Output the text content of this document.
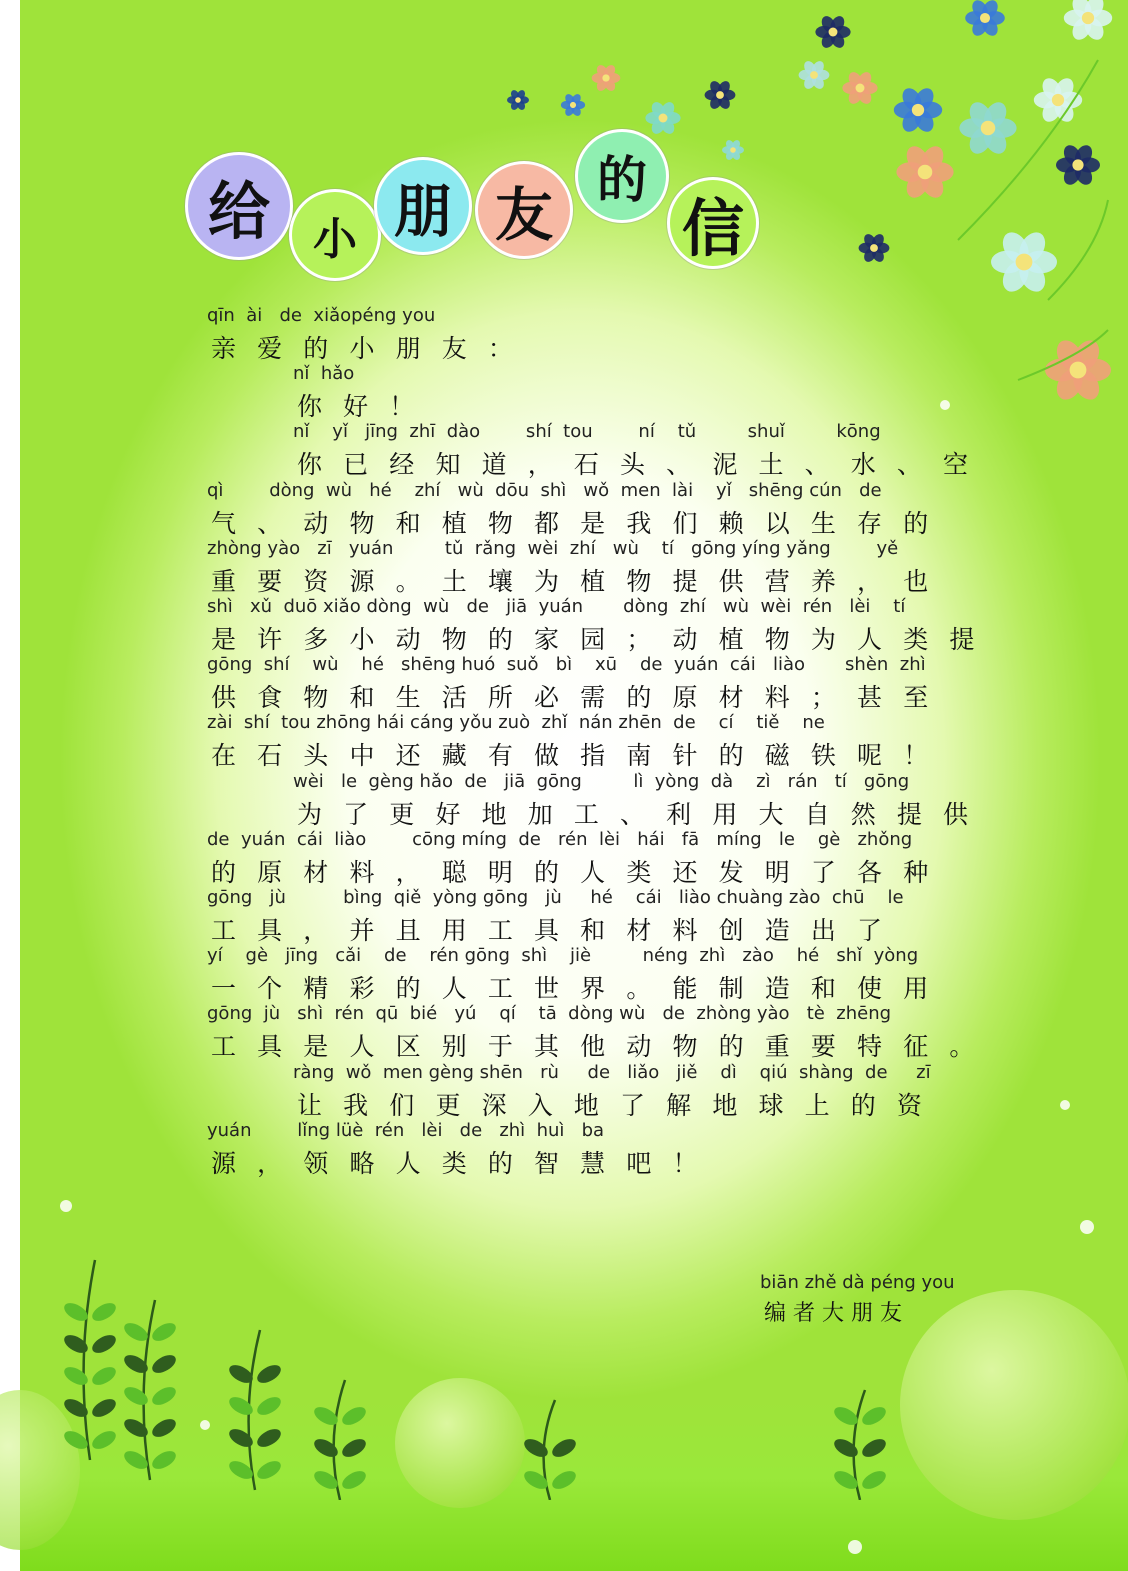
给 小 朋 友
的
信
qīn  ài   de  xiǎopéng you
亲 爱 的 小 朋 友 ：
nǐ  hǎo
你 好 ！
nǐ    yǐ   jīng  zhī  dào        shí  tou        ní    tǔ         shuǐ         kōng
你 已 经 知 道 ， 石 头 、 泥 土 、 水 、 空
qì        dòng  wù   hé    zhí   wù  dōu  shì   wǒ  men  lài    yǐ   shēng cún   de
气 、 动 物 和 植 物 都 是 我 们 赖 以 生 存 的
zhòng yào   zī   yuán         tǔ  rǎng  wèi  zhí   wù    tí   gōng yíng yǎng        yě
重 要 资 源 。 土 壤 为 植 物 提 供 营 养 ， 也
shì   xǔ  duō xiǎo dòng  wù   de   jiā  yuán       dòng  zhí   wù  wèi  rén   lèi    tí
是 许 多 小 动 物 的 家 园 ； 动 植 物 为 人 类 提
gōng  shí    wù    hé   shēng huó  suǒ   bì    xū    de  yuán  cái   liào       shèn  zhì
供 食 物 和 生 活 所 必 需 的 原 材 料 ； 甚 至
zài  shí  tou zhōng hái cáng yǒu zuò  zhǐ  nán zhēn  de    cí    tiě    ne
在 石 头 中 还 藏 有 做 指 南 针 的 磁 铁 呢 ！
wèi   le  gèng hǎo  de   jiā  gōng         lì  yòng  dà    zì   rán   tí   gōng
为 了 更 好 地 加 工 、 利 用 大 自 然 提 供
de  yuán  cái  liào        cōng míng  de   rén  lèi   hái   fā   míng   le    gè   zhǒng
的 原 材 料 ， 聪 明 的 人 类 还 发 明 了 各 种
gōng   jù          bìng  qiě  yòng gōng   jù     hé    cái   liào chuàng zào  chū    le
工 具 ， 并 且 用 工 具 和 材 料 创 造 出 了
yí    gè   jīng   cǎi    de    rén gōng  shì    jiè         néng  zhì   zào    hé   shǐ  yòng
一 个 精 彩 的 人 工 世 界 。 能 制 造 和 使 用
gōng  jù   shì  rén  qū  bié   yú    qí    tā  dòng wù   de  zhòng yào   tè  zhēng
工 具 是 人 区 别 于 其 他 动 物 的 重 要 特 征 。
ràng  wǒ  men gèng shēn   rù     de   liǎo   jiě    dì    qiú  shàng  de     zī
让 我 们 更 深 入 地 了 解 地 球 上 的 资
yuán        lǐng lüè  rén   lèi   de   zhì  huì   ba
源 ， 领 略 人 类 的 智 慧 吧 ！
biān zhě dà péng you
编 者 大 朋 友
